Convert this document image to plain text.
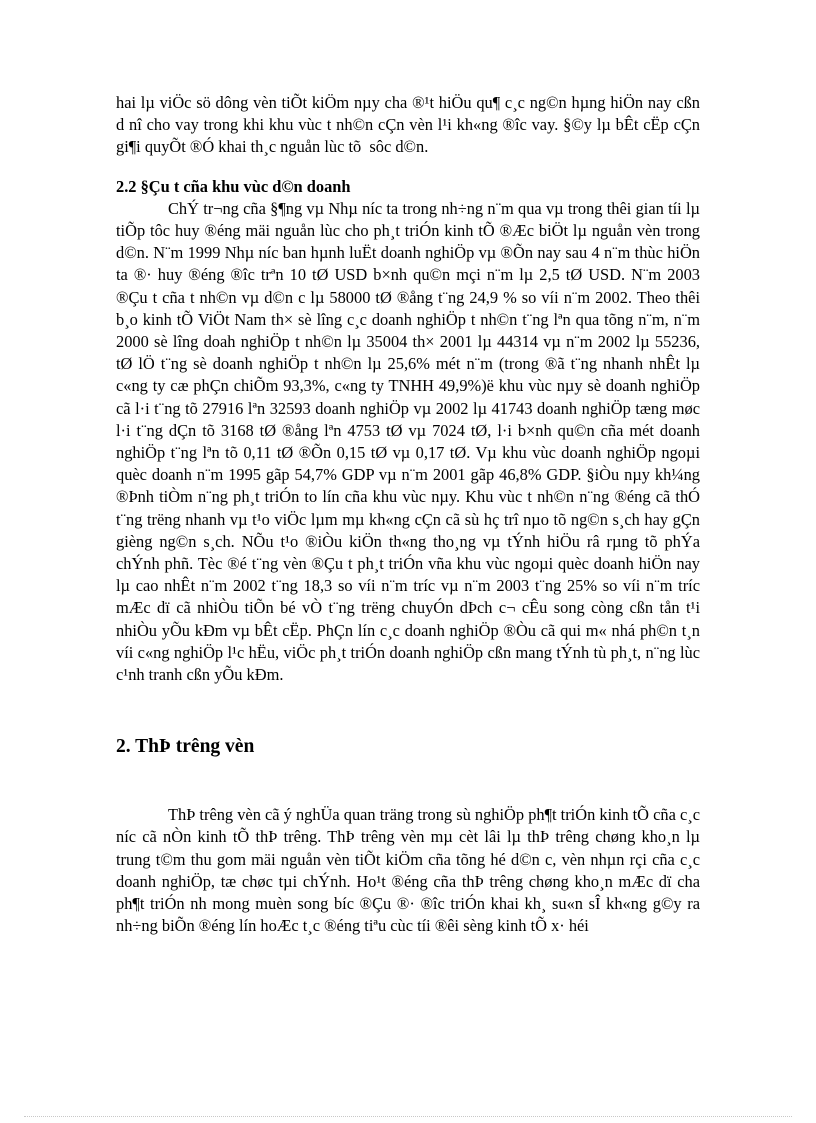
hai lµ viÖc sö dông vèn tiÕt kiÖm nµy cha ®¹t hiÖu qu¶ c¸c ng©n hµng hiÖn nay cßn d nî cho vay trong khi khu vùc t nh©n cÇn vèn l¹i kh«ng ®îc vay. §©y lµ bÊt cËp cÇn gi¶i quyÕt ®Ó khai th¸c nguån lùc tõ sôc d©n.

2.2 §Çu t cña khu vùc d©n doanh

ChÝ tr¬ng cña §¶ng vµ Nhµ níc ta trong nh÷ng n¨m qua vµ trong thêi gian tíi lµ tiÕp tôc huy ®éng mäi nguån lùc cho ph¸t triÓn kinh tÕ ®Æc biÖt lµ nguån vèn trong d©n. N¨m 1999 Nhµ níc ban hµnh luËt doanh nghiÖp vµ ®Õn nay sau 4 n¨m thùc hiÖn ta ®· huy ®éng ®îc trªn 10 tØ USD b×nh qu©n mçi n¨m lµ 2,5 tØ USD. N¨m 2003 ®Çu t cña t nh©n vµ d©n c lµ 58000 tØ ®ång t¨ng 24,9 % so víi n¨m 2002. Theo thêi b¸o kinh tÕ ViÖt Nam th× sè lîng c¸c doanh nghiÖp t nh©n t¨ng lªn qua tõng n¨m, n¨m 2000 sè lîng doah nghiÖp t nh©n lµ 35004 th× 2001 lµ 44314 vµ n¨m 2002 lµ 55236, tØ lÖ t¨ng sè doanh nghiÖp t nh©n lµ 25,6% mét n¨m (trong ®ã t¨ng nhanh nhÊt lµ c«ng ty cæ phÇn chiÕm 93,3%, c«ng ty TNHH 49,9%)ë khu vùc nµy sè doanh nghiÖp cã l·i t¨ng tõ 27916 lªn 32593 doanh nghiÖp vµ 2002 lµ 41743 doanh nghiÖp tæng møc l·i t¨ng dÇn tõ 3168 tØ ®ång lªn 4753 tØ vµ 7024 tØ, l·i b×nh qu©n cña mét doanh nghiÖp t¨ng lªn tõ 0,11 tØ ®Õn 0,15 tØ vµ 0,17 tØ. Vµ khu vùc doanh nghiÖp ngoµi quèc doanh n¨m 1995 gãp 54,7% GDP vµ n¨m 2001 gãp 46,8% GDP. §iÒu nµy kh¼ng ®Þnh tiÒm n¨ng ph¸t triÓn to lín cña khu vùc nµy. Khu vùc t nh©n n¨ng ®éng cã thÓ t¨ng trëng nhanh vµ t¹o viÖc lµm mµ kh«ng cÇn cã sù hç trî nµo tõ ng©n s¸ch hay gÇn gièng ng©n s¸ch. NÕu t¹o ®iÒu kiÖn th«ng tho¸ng vµ tÝnh hiÖu râ rµng tõ phÝa chÝnh phñ. Tèc ®é t¨ng vèn ®Çu t ph¸t triÓn vña khu vùc ngoµi quèc doanh hiÖn nay lµ cao nhÊt n¨m 2002 t¨ng 18,3 so víi n¨m tríc vµ n¨m 2003 t¨ng 25% so víi n¨m tríc mÆc dï cã nhiÒu tiÕn bé vÒ t¨ng trëng chuyÓn dÞch c¬ cÊu song còng cßn tån t¹i nhiÒu yÕu kÐm vµ bÊt cËp. PhÇn lín c¸c doanh nghiÖp ®Òu cã qui m« nhá ph©n t¸n víi c«ng nghiÖp l¹c hËu, viÖc ph¸t triÓn doanh nghiÖp cßn mang tÝnh tù ph¸t, n¨ng lùc c¹nh tranh cßn yÕu kÐm.

2. ThÞ trêng vèn

ThÞ trêng vèn cã ý nghÜa quan träng trong sù nghiÖp ph¶t triÓn kinh tÕ cña c¸c níc cã nÒn kinh tÕ thÞ trêng. ThÞ trêng vèn mµ cèt lâi lµ thÞ trêng chøng kho¸n lµ trung t©m thu gom mäi nguån vèn tiÕt kiÖm cña tõng hé d©n c, vèn nhµn rçi cña c¸c doanh nghiÖp, tæ chøc tµi chÝnh. Ho¹t ®éng cña thÞ trêng chøng kho¸n mÆc dï cha ph¶t triÓn nh mong muèn song bíc ®Çu ®· ®îc triÓn khai kh¸ su«n sÎ kh«ng g©y ra nh÷ng biÕn ®éng lín hoÆc t¸c ®éng tiªu cùc tíi ®êi sèng kinh tÕ x· héi
